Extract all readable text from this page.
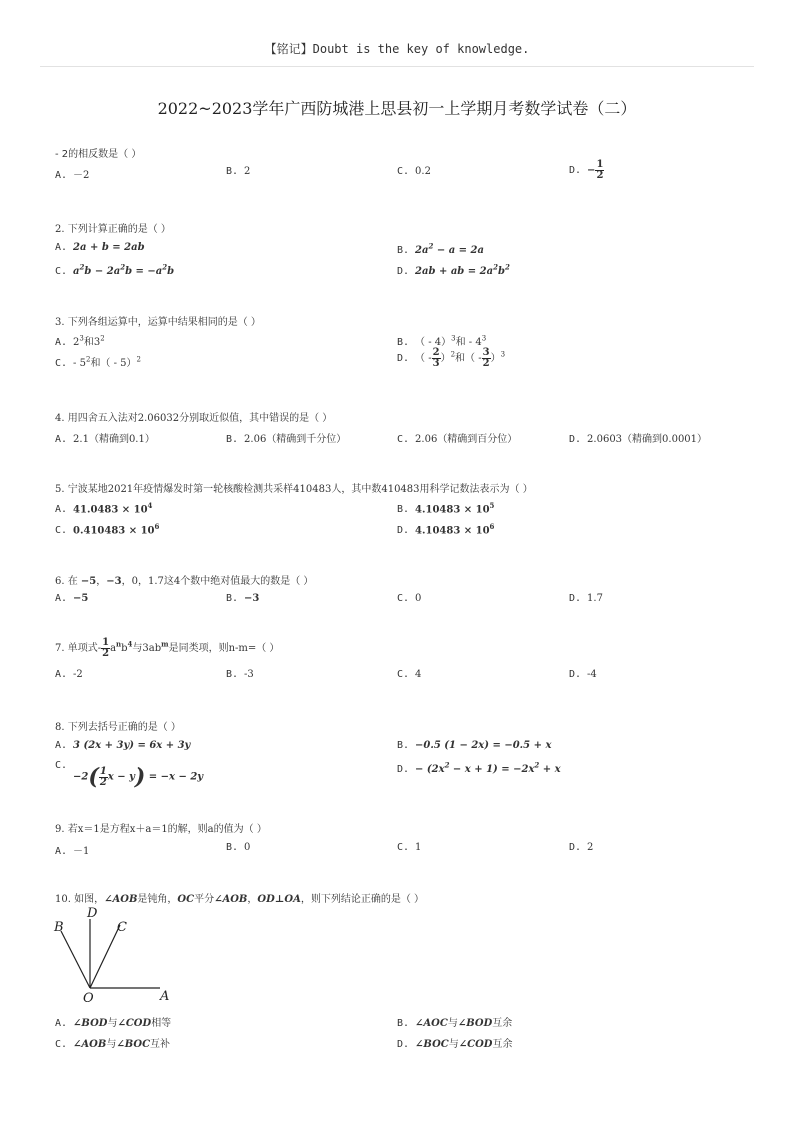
【铭记】Doubt is the key of knowledge.
2022~2023学年广西防城港上思县初一上学期月考数学试卷（二）
- 2的相反数是（ ）
A. －2	B. 2	C. 0.2	D. − $\frac{1}{2}$
2. 下列计算正确的是（ ）
A. 2a + b = 2ab	B. $2a^2 - a = 2a$
C. $a^2b - 2a^2b = -a^2b$	D. 2ab + ab = $2a^2b^2$
3. 下列各组运算中，运算中结果相同的是（ ）
A. $2^3$和$3^2$	B. （ - 4）$^3$和 - $4^3$
C. - $5^2$和（ - 5）$^2$	D. （ - $\frac{2}{3} )^2$和（ - $\frac{3}{2} )^3$
4. 用四舍五入法对2.06032分别取近似值，其中错误的是（ ）
A. 2.1（精确到0.1）	B. 2.06（精确到千分位）	C. 2.06（精确到百分位）	D. 2.0603（精确到0.0001）
5. 宁波某地2021年疫情爆发时第一轮核酸检测共采样410483人，其中数410483用科学记数法表示为（ ）
A. $41.0483 \times 10^4$	B. $4.10483 \times 10^5$
C. $0.410483 \times 10^6$	D. $4.10483 \times 10^6$
6. 在 −5，−3，0，1.7这4个数中绝对值最大的数是（ ）
A. −5	B. −3	C. 0	D. 1.7
7. 单项式- $\frac{1}{2} a^nb^4$与$3ab^m$是同类项，则n-m=（ ）
A. -2	B. -3	C. 4	D. -4
8. 下列去括号正确的是（ ）
A. 3 (2x + 3y) = 6x + 3y	B. −0.5 (1 − 2x) = −0.5 + x
$C.-2( \frac{1}{2}$ x − y) = −x − 2y
D. − $(2x^2 - x + 1) = -2x^2 + x$
9. 若x＝1是方程x＋a＝1的解，则a的值为（ ）
A. －1	B. 0	C. 1	D. 2
10. 如图，∠AOB是钝角，OC平分∠AOB，OD⊥OA，则下列结论正确的是（ ）
B
D
C
O	A
A. ∠BOD与∠COD相等	B. ∠AOC与∠BOD互余
C. ∠AOB与∠BOC互补	D. ∠BOC与∠COD互余
